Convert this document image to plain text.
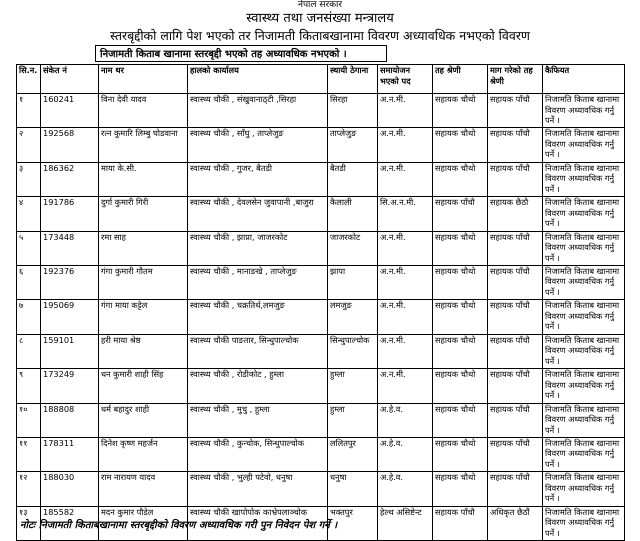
नेपाल सरकार
स्वास्थ्य तथा जनसंख्या मन्त्रालय
स्तरबृद्दीको लागि पेश भएको तर निजामती किताबखानामा विवरण अध्यावधिक नभएको विवरण
निजामती किताब खानामा स्तरबृद्दी भएको तह अध्यावधिक नभएको ।
सि.न.	संकेत नं	नाम थर	हालको कार्यालय	स्थायी ठेगाना	समायोजन भएको पद	तह श्रेणी	माग गरेको तह श्रेणी	कैफियत
१	160241	विना देवी यादव	स्वास्थ्य चौकी , संखुवानाठ्टी ,सिरहा	सिरहा	अ.न.मी.	सहायक चौथो	सहायक पाँचौ	निजामति किताब खानामा विवरण अध्यावधिक गर्नु पर्ने ।
२	192568	रत्न कुमारि लिम्बु घोडवाना	स्वास्थ्य चौकी , साँघु , ताप्लेजुङ	ताप्लेजुङ	अ.न.मी.	सहायक चौथो	सहायक पाँचौ	निजामति किताब खानामा विवरण अध्यावधिक गर्नु पर्ने ।
३	186362	माया के.सी.	स्वास्थ्य चौकी , गुजर, बैतडी	बैतडी	अ.न.मी.	सहायक चौथो	सहायक पाँचौ	निजामति किताब खानामा विवरण अध्यावधिक गर्नु पर्ने ।
४	191786	दुर्गा कुमारी गिरी	स्वास्थ्य चौकी , देवलसेन जुवापानी ,बाजुरा	कैलाली	सि.अ.न.मी.	सहायक पाँचौ	सहायक छैठौ	निजामति किताब खानामा विवरण अध्यावधिक गर्नु पर्ने ।
५	173448	रमा साह	स्वास्थ्य चौकी , झाप्रा, जाजरकोट	जाजरकोट	अ.न.मी.	सहायक चौथो	सहायक पाँचौ	निजामति किताब खानामा विवरण अध्यावधिक गर्नु पर्ने ।
६	192376	गंगा कुमारी गौतम	स्वास्थ्य चौकी , मानाङखे , ताप्लेजुङ	झापा	अ.न.मी.	सहायक चौथो	सहायक पाँचौ	निजामति किताब खानामा विवरण अध्यावधिक गर्नु पर्ने ।
७	195069	गंगा माया कट्टेल	स्वास्थ्य चौकी , चक्रतिर्थ,लमजुङ	लमजुङ	अ.न.मी.	सहायक चौथो	सहायक पाँचौ	निजामति किताब खानामा विवरण अध्यावधिक गर्नु पर्ने ।
८	159101	हरी माया श्रेष्ठ	स्वास्थ्य चौकी पाङतार, सिन्धुपाल्चोक	सिन्धुपाल्चोक	अ.न.मी.	सहायक चौथो	सहायक पाँचौ	निजामति किताब खानामा विवरण अध्यावधिक गर्नु पर्ने ।
९	173249	धन कुमारी शाही सिंह	स्वास्थ्य चौकी , रोडीकोट , हुम्ला	हुम्ला	अ.न.मी.	सहायक चौथो	सहायक पाँचौ	निजामति किताब खानामा विवरण अध्यावधिक गर्नु पर्ने ।
१०	188808	धर्म बहादुर शाही	स्वास्थ्य चौकी , मुचु , हुम्ला	हुम्ला	अ.हे.व.	सहायक चौथो	सहायक पाँचौ	निजामति किताब खानामा विवरण अध्यावधिक गर्नु पर्ने ।
११	178311	दिनेश कृष्ण महर्जन	स्वास्थ्य चौकी , कुन्चोक, सिन्धुपाल्चोक	ललितपुर	अ.हे.व.	सहायक चौथो	सहायक पाँचौ	निजामति किताब खानामा विवरण अध्यावधिक गर्नु पर्ने ।
१२	188030	राम नारायण यादव	स्वास्थ्य चौकी , भुल्ही पटेवो, धनुषा	धनुषा	अ.हे.व.	सहायक चौथो	सहायक पाँचौ	निजामति किताब खानामा विवरण अध्यावधिक गर्नु पर्ने ।
१३	185582	मदन कुमार पौडेल	स्वास्थ्य चौकी खापोपोक काभ्रेपलाञ्चोक	भक्तपुर	हेल्थ असिष्टेन्ट	सहायक पाँचौ	अधिकृत छैठौं	निजामति किताब खानामा विवरण अध्यावधिक गर्नु पर्ने ।
नोटः निजामती किताबखानामा स्तरबृद्दीको विवरण अध्यावधिक गरी पुन निवेदन पेश गर्ने ।
